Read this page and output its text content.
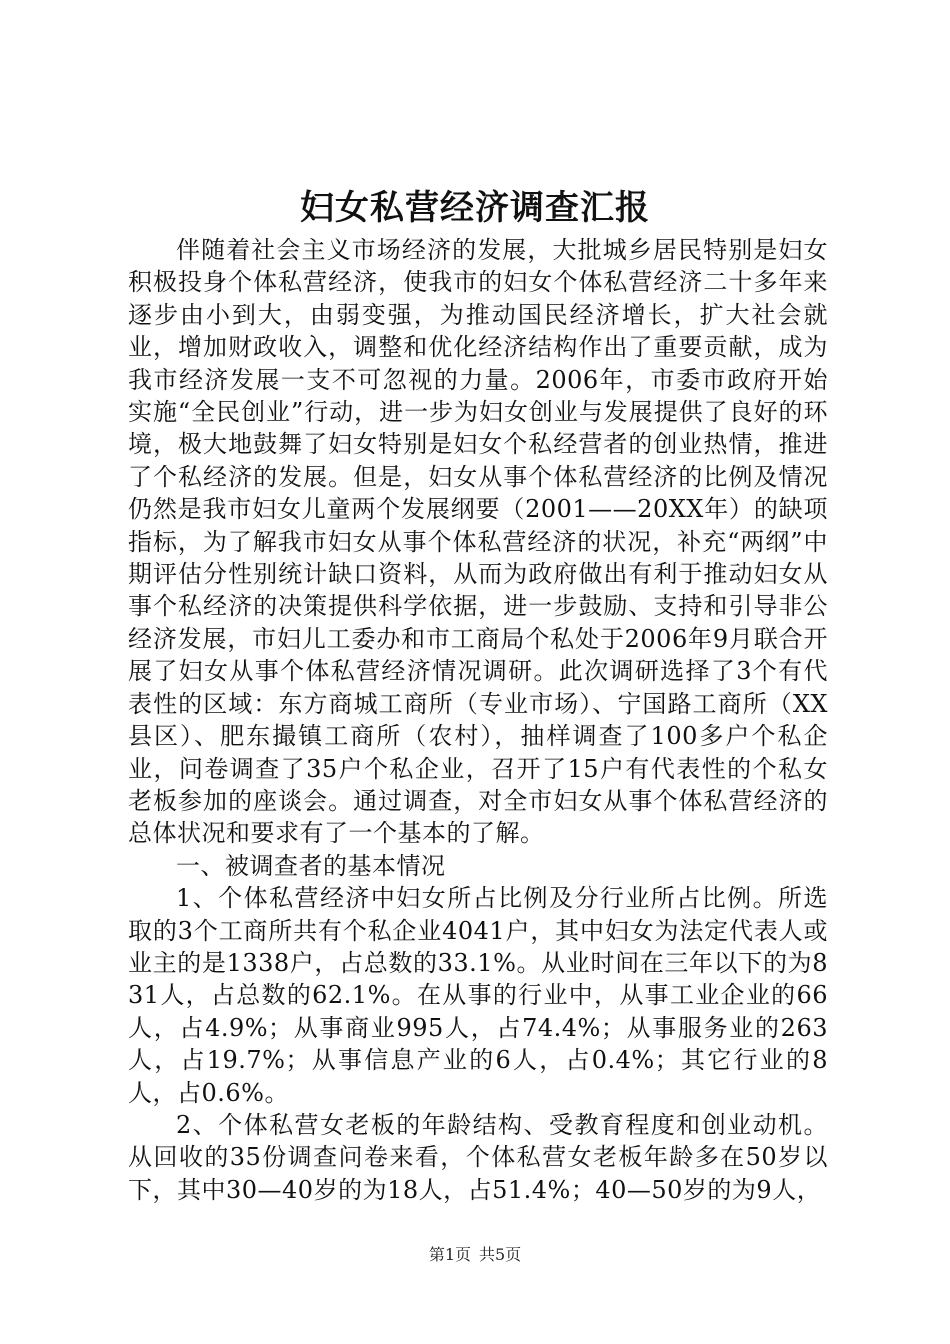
妇女私营经济调查汇报

伴随着社会主义市场经济的发展，大批城乡居民特别是妇女积极投身个体私营经济，使我市的妇女个体私营经济二十多年来逐步由小到大，由弱变强，为推动国民经济增长，扩大社会就业，增加财政收入，调整和优化经济结构作出了重要贡献，成为我市经济发展一支不可忽视的力量。2006年，市委市政府开始实施“全民创业”行动，进一步为妇女创业与发展提供了良好的环境，极大地鼓舞了妇女特别是妇女个私经营者的创业热情，推进了个私经济的发展。但是，妇女从事个体私营经济的比例及情况仍然是我市妇女儿童两个发展纲要（2001——20XX年）的缺项指标，为了解我市妇女从事个体私营经济的状况，补充“两纲”中期评估分性别统计缺口资料，从而为政府做出有利于推动妇女从事个私经济的决策提供科学依据，进一步鼓励、支持和引导非公经济发展，市妇儿工委办和市工商局个私处于2006年9月联合开展了妇女从事个体私营经济情况调研。此次调研选择了3个有代表性的区域：东方商城工商所（专业市场）、宁国路工商所（XX县区）、肥东撮镇工商所（农村），抽样调查了100多户个私企业，问卷调查了35户个私企业，召开了15户有代表性的个私女老板参加的座谈会。通过调查，对全市妇女从事个体私营经济的总体状况和要求有了一个基本的了解。

一、被调查者的基本情况

1、个体私营经济中妇女所占比例及分行业所占比例。所选取的3个工商所共有个私企业4041户，其中妇女为法定代表人或业主的是1338户，占总数的33.1%。从业时间在三年以下的为831人，占总数的62.1%。在从事的行业中，从事工业企业的66人，占4.9%；从事商业995人，占74.4%；从事服务业的263人，占19.7%；从事信息产业的6人，占0.4%；其它行业的8人，占0.6%。

2、个体私营女老板的年龄结构、受教育程度和创业动机。从回收的35份调查问卷来看，个体私营女老板年龄多在50岁以下，其中30—40岁的为18人，占51.4%；40—50岁的为9人，

第1页 共5页
